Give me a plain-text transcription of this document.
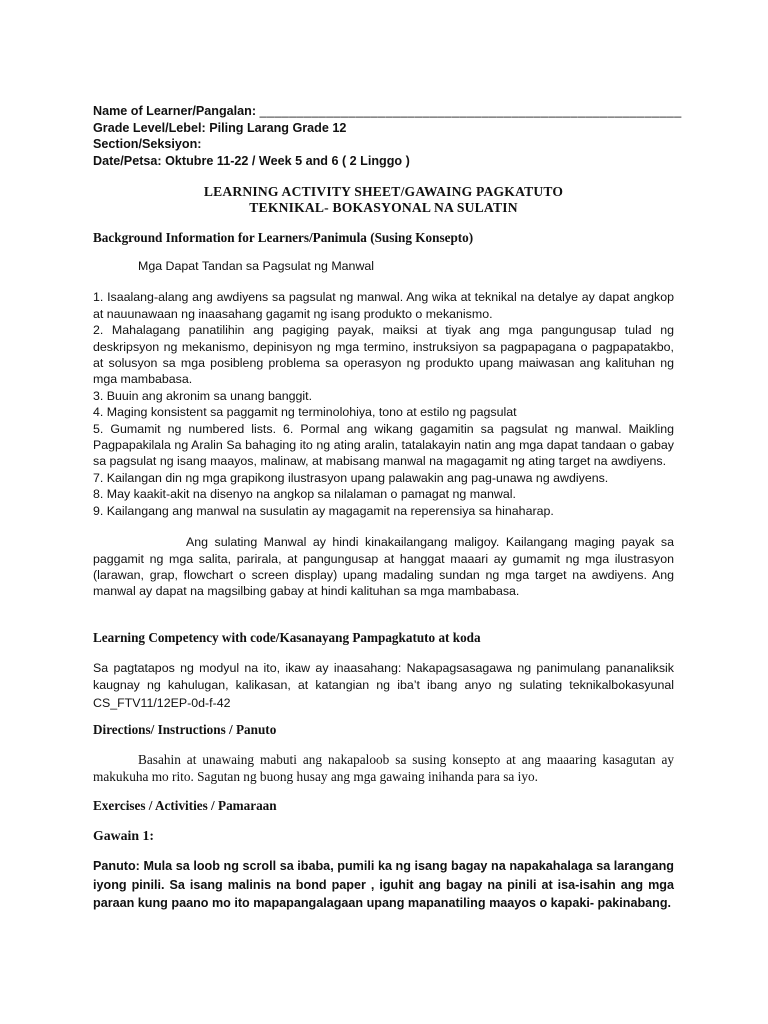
Name of Learner/Pangalan: _________________________________________________________
Grade Level/Lebel: Piling Larang Grade 12
Section/Seksiyon:
Date/Petsa: Oktubre 11-22 / Week 5 and 6 ( 2 Linggo )
LEARNING ACTIVITY SHEET/GAWAING PAGKATUTO
TEKNIKAL- BOKASYONAL NA SULATIN
Background Information for Learners/Panimula (Susing Konsepto)

Mga Dapat Tandan sa Pagsulat ng Manwal

1. Isaalang-alang ang awdiyens sa pagsulat ng manwal. Ang wika at teknikal na detalye ay dapat angkop at nauunawaan ng inaasahang gagamit ng isang produkto o mekanismo.

2. Mahalagang panatilihin ang pagiging payak, maiksi at tiyak ang mga pangungusap tulad ng deskripsyon ng mekanismo, depinisyon ng mga termino, instruksiyon sa pagpapagana o pagpapatakbo, at solusyon sa mga posibleng problema sa operasyon ng produkto upang maiwasan ang kalituhan ng mga mambabasa.

3. Buuin ang akronim sa unang banggit.

4. Maging konsistent sa paggamit ng terminolohiya, tono at estilo ng pagsulat

5. Gumamit ng numbered lists. 6. Pormal ang wikang gagamitin sa pagsulat ng manwal. Maikling Pagpapakilala ng Aralin Sa bahaging ito ng ating aralin, tatalakayin natin ang mga dapat tandaan o gabay sa pagsulat ng isang maayos, malinaw, at mabisang manwal na magagamit ng ating target na awdiyens.

7. Kailangan din ng mga grapikong ilustrasyon upang palawakin ang pag-unawa ng awdiyens.

8. May kaakit-akit na disenyo na angkop sa nilalaman o pamagat ng manwal.

9. Kailangang ang manwal na susulatin ay magagamit na reperensiya sa hinaharap.

Ang sulating Manwal ay hindi kinakailangang maligoy. Kailangang maging payak sa paggamit ng mga salita, parirala, at pangungusap at hanggat maaari ay gumamit ng mga ilustrasyon (larawan, grap, flowchart o screen display) upang madaling sundan ng mga target na awdiyens. Ang manwal ay dapat na magsilbing gabay at hindi kalituhan sa mga mambabasa.

Learning Competency with code/Kasanayang Pampagkatuto at koda
Sa pagtatapos ng modyul na ito, ikaw ay inaasahang: Nakapagsasagawa ng panimulang pananaliksik kaugnay ng kahulugan, kalikasan, at katangian ng iba’t ibang anyo ng sulating teknikalbokasyunal CS_FTV11/12EP-0d-f-42
Directions/ Instructions / Panuto

Basahin at unawaing mabuti ang nakapaloob sa susing konsepto at ang maaaring kasagutan ay makukuha mo rito. Sagutan ng buong husay ang mga gawaing inihanda para sa iyo.

Exercises / Activities / Pamaraan
Gawain 1:
Panuto: Mula sa loob ng scroll sa ibaba, pumili ka ng isang bagay na napakahalaga sa larangang iyong pinili. Sa isang malinis na bond paper , iguhit ang bagay na pinili at isa-isahin ang mga paraan kung paano mo ito mapapangalagaan upang mapanatiling maayos o kapaki- pakinabang.
